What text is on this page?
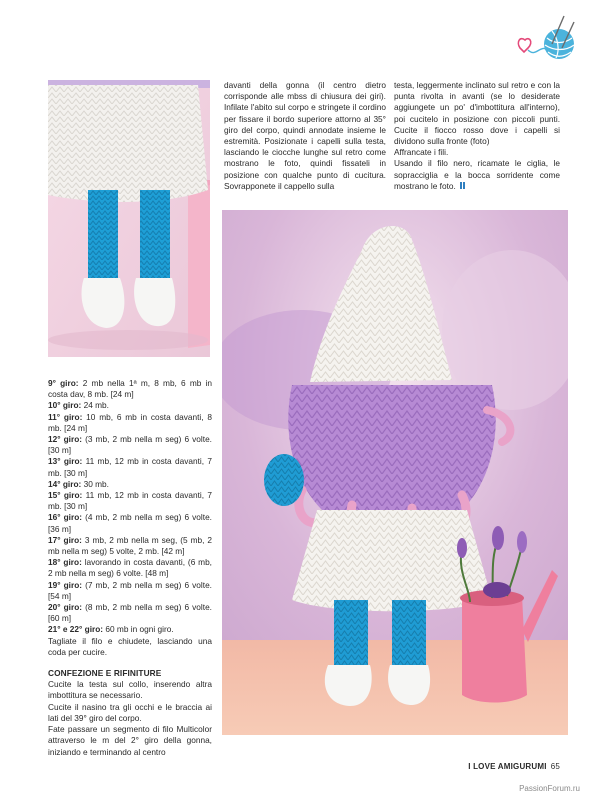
davanti della gonna (il centro dietro corrisponde alle mbss di chiusura dei giri). Infilate l'abito sul corpo e stringete il cordino per fissare il bordo superiore attorno al 35° giro del corpo, quindi annodate insieme le estremità. Posizionate i capelli sulla testa, lasciando le ciocche lunghe sul retro come mostrano le foto, quindi fissateli in posizione con qualche punto di cucitura. Sovrapponete il cappello sulla

testa, leggermente inclinato sul retro e con la punta rivolta in avanti (se lo desiderate aggiungete un po' d'imbottitura all'interno), poi cucitelo in posizione con piccoli punti. Cucite il fiocco rosso dove i capelli si dividono sulla fronte (foto)

Affrancate i fili.

Usando il filo nero, ricamate le ciglia, le sopracciglia e la bocca sorridente come mostrano le foto.

9° giro: 2 mb nella 1ª m, 8 mb, 6 mb in costa dav, 8 mb. [24 m]

10° giro: 24 mb.

11° giro: 10 mb, 6 mb in costa davanti, 8 mb. [24 m]

12° giro: (3 mb, 2 mb nella m seg) 6 volte. [30 m]

13° giro: 11 mb, 12 mb in costa davanti, 7 mb. [30 m]

14° giro: 30 mb.

15° giro: 11 mb, 12 mb in costa davanti, 7 mb. [30 m]

16° giro: (4 mb, 2 mb nella m seg) 6 volte. [36 m]

17° giro: 3 mb, 2 mb nella m seg, (5 mb, 2 mb nella m seg) 5 volte, 2 mb. [42 m]

18° giro: lavorando in costa davanti, (6 mb, 2 mb nella m seg) 6 volte. [48 m]

19° giro: (7 mb, 2 mb nella m seg) 6 volte. [54 m]

20° giro: (8 mb, 2 mb nella m seg) 6 volte. [60 m]

21° e 22° giro: 60 mb in ogni giro.

Tagliate il filo e chiudete, lasciando una coda per cucire.

CONFEZIONE E RIFINITURE

Cucite la testa sul collo, inserendo altra imbottitura se necessario.

Cucite il nasino tra gli occhi e le braccia ai lati del 39° giro del corpo.

Fate passare un segmento di filo Multicolor attraverso le m del 2° giro della gonna, iniziando e terminando al centro

I LOVE AMIGURUMI 65
PassionForum.ru
